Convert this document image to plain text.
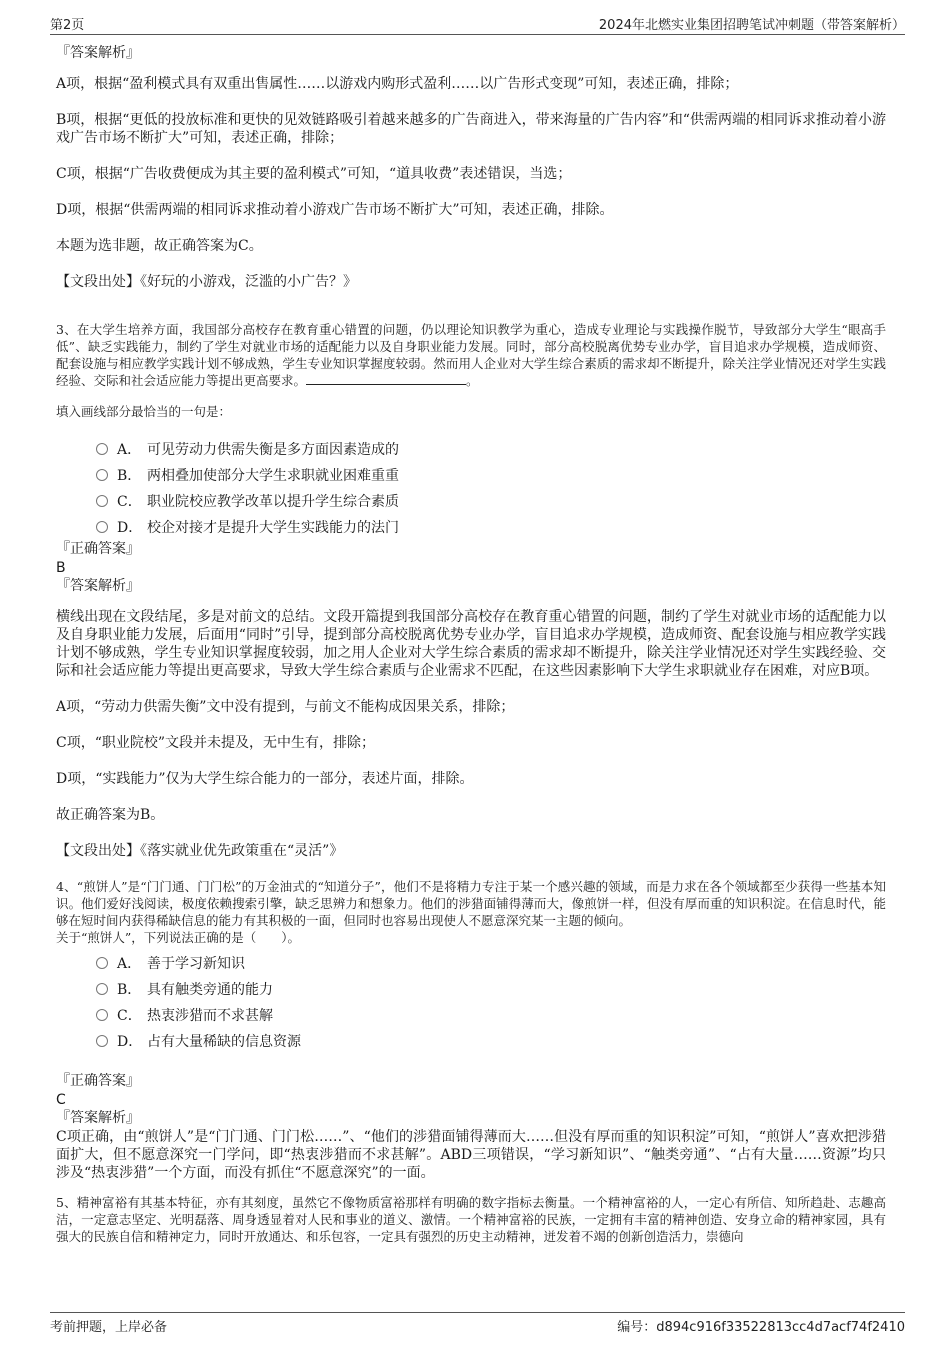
第2页	2024年北燃实业集团招聘笔试冲刺题（带答案解析）

『答案解析』

A项，根据“盈利模式具有双重出售属性……以游戏内购形式盈利……以广告形式变现”可知，表述正确，排除；

B项，根据“更低的投放标准和更快的见效链路吸引着越来越多的广告商进入，带来海量的广告内容”和“供需两端的相同诉求推动着小游戏广告市场不断扩大”可知，表述正确，排除；

C项，根据“广告收费便成为其主要的盈利模式”可知，“道具收费”表述错误，当选；

D项，根据“供需两端的相同诉求推动着小游戏广告市场不断扩大”可知，表述正确，排除。

本题为选非题，故正确答案为C。

【文段出处】《好玩的小游戏，泛滥的小广告？》

3、在大学生培养方面，我国部分高校存在教育重心错置的问题，仍以理论知识教学为重心，造成专业理论与实践操作脱节，导致部分大学生“眼高手低”、缺乏实践能力，制约了学生对就业市场的适配能力以及自身职业能力发展。同时，部分高校脱离优势专业办学，盲目追求办学规模，造成师资、配套设施与相应教学实践计划不够成熟，学生专业知识掌握度较弱。然而用人企业对大学生综合素质的需求却不断提升，除关注学业情况还对学生实践经验、交际和社会适应能力等提出更高要求。	。

填入画线部分最恰当的一句是：

A． 可见劳动力供需失衡是多方面因素造成的
B． 两相叠加使部分大学生求职就业困难重重
C． 职业院校应教学改革以提升学生综合素质
D． 校企对接才是提升大学生实践能力的法门

『正确答案』

B

『答案解析』

横线出现在文段结尾，多是对前文的总结。文段开篇提到我国部分高校存在教育重心错置的问题，制约了学生对就业市场的适配能力以及自身职业能力发展，后面用“同时”引导，提到部分高校脱离优势专业办学，盲目追求办学规模，造成师资、配套设施与相应教学实践计划不够成熟，学生专业知识掌握度较弱，加之用人企业对大学生综合素质的需求却不断提升，除关注学业情况还对学生实践经验、交际和社会适应能力等提出更高要求，导致大学生综合素质与企业需求不匹配，在这些因素影响下大学生求职就业存在困难，对应B项。

A项，“劳动力供需失衡”文中没有提到，与前文不能构成因果关系，排除；

C项，“职业院校”文段并未提及，无中生有，排除；

D项，“实践能力”仅为大学生综合能力的一部分，表述片面，排除。

故正确答案为B。

【文段出处】《落实就业优先政策重在“灵活”》

4、“煎饼人”是“门门通、门门松”的万金油式的“知道分子”，他们不是将精力专注于某一个感兴趣的领域，而是力求在各个领域都至少获得一些基本知识。他们爱好浅阅读，极度依赖搜索引擎，缺乏思辨力和想象力。他们的涉猎面铺得薄而大，像煎饼一样，但没有厚而重的知识积淀。在信息时代，能够在短时间内获得稀缺信息的能力有其积极的一面，但同时也容易出现使人不愿意深究某一主题的倾向。

关于“煎饼人”，下列说法正确的是（　　）。

A． 善于学习新知识
B． 具有触类旁通的能力
C． 热衷涉猎而不求甚解
D． 占有大量稀缺的信息资源

『正确答案』

C

『答案解析』

C项正确，由“煎饼人”是“门门通、门门松……”、“他们的涉猎面铺得薄而大……但没有厚而重的知识积淀”可知，“煎饼人”喜欢把涉猎面扩大，但不愿意深究一门学问，即“热衷涉猎而不求甚解”。ABD三项错误，“学习新知识”、“触类旁通”、“占有大量……资源”均只涉及“热衷涉猎”一个方面，而没有抓住“不愿意深究”的一面。

5、精神富裕有其基本特征，亦有其刻度，虽然它不像物质富裕那样有明确的数字指标去衡量。一个精神富裕的人，一定心有所信、知所趋赴、志趣高洁，一定意志坚定、光明磊落、周身透显着对人民和事业的道义、激情。一个精神富裕的民族，一定拥有丰富的精神创造、安身立命的精神家园，具有强大的民族自信和精神定力，同时开放通达、和乐包容，一定具有强烈的历史主动精神，迸发着不竭的创新创造活力，崇德向

考前押题，上岸必备	编号：d894c916f33522813cc4d7acf74f2410
